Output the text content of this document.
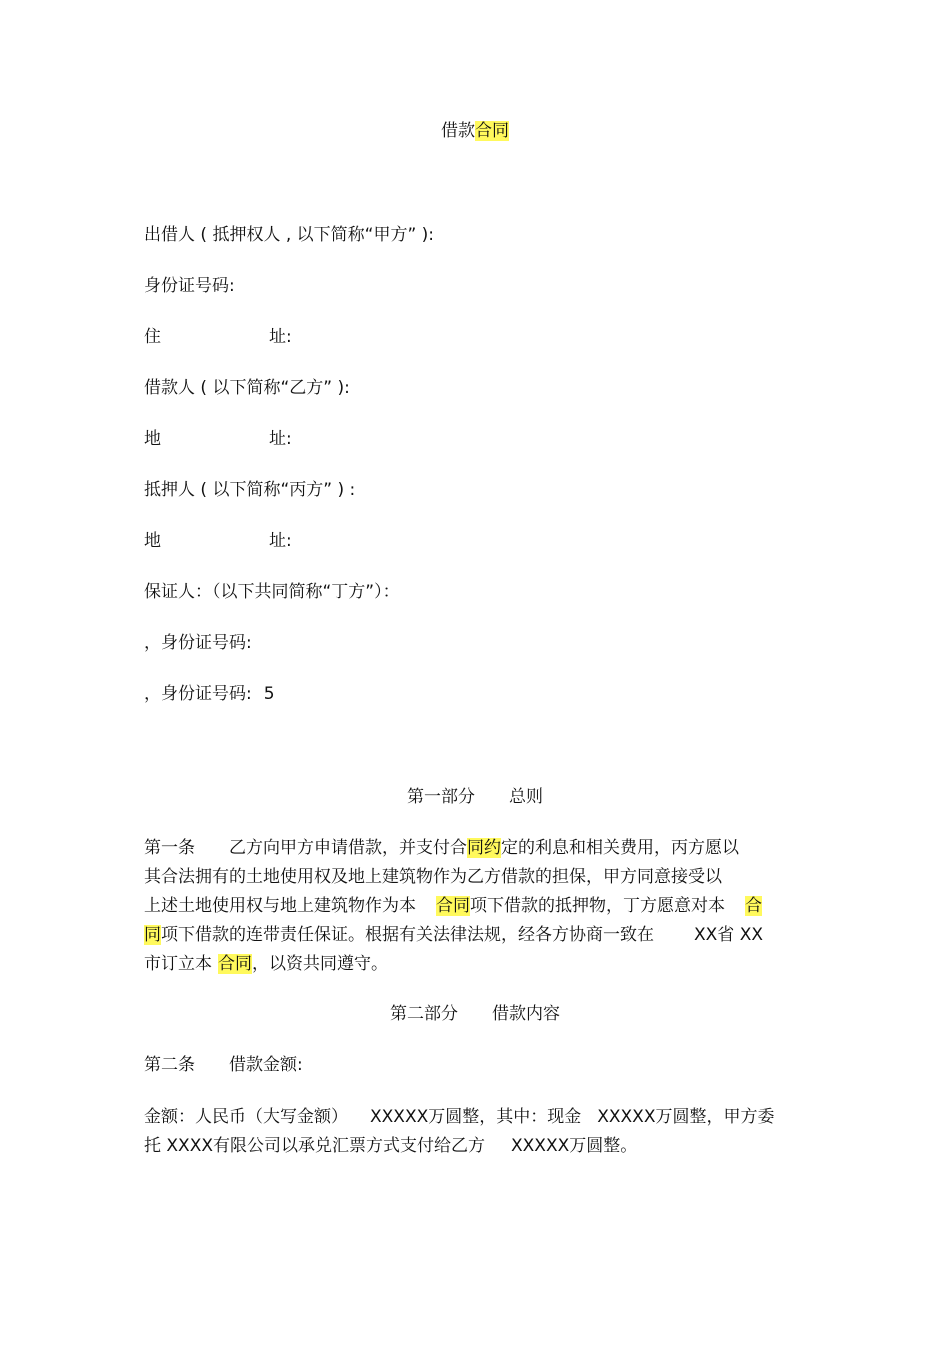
借款合同
出借人 ( 抵押权人 , 以下简称“甲方” ):
身份证号码:
住	址:
借款人 ( 以下简称“乙方” ):
地	址:
抵押人 ( 以下简称“丙方” ) :
地	址:
保证人：（以下共同简称“丁方”）：
，身份证号码:
，身份证号码: 5
第一部分 总则
第一条 乙方向甲方申请借款，并支付合同约定的利息和相关费用，丙方愿以
其合法拥有的土地使用权及地上建筑物作为乙方借款的担保，甲方同意接受以
上述土地使用权与地上建筑物作为本 合同项下借款的抵押物，丁方愿意对本 合
同项下借款的连带责任保证。根据有关法律法规，经各方协商一致在 XX省 XX
市订立本 合同，以资共同遵守。
第二部分 借款内容
第二条 借款金额:
金额：人民币（大写金额） XXXXX万圆整，其中：现金 XXXXX万圆整，甲方委
托 XXXX有限公司以承兑汇票方式支付给乙方 XXXXX万圆整。
